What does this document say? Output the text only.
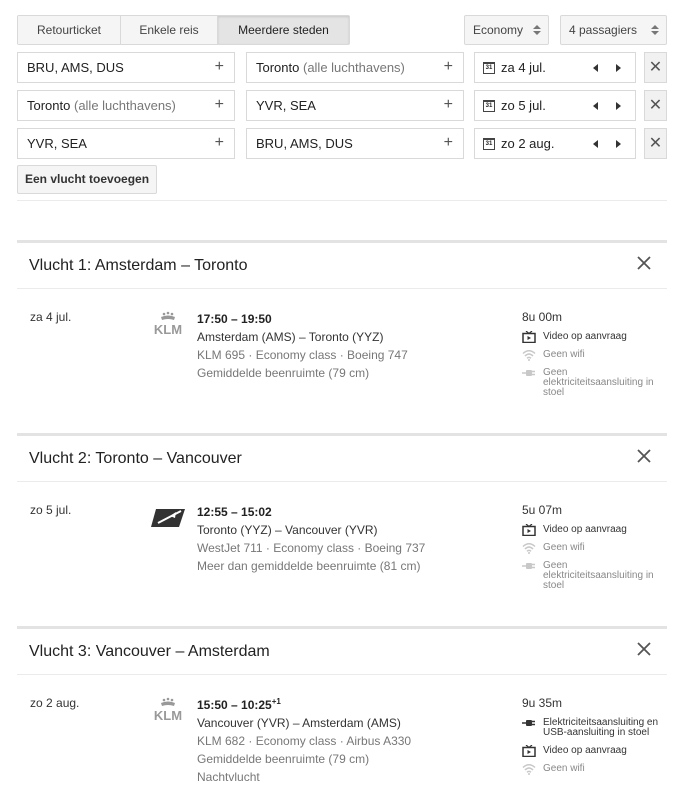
Retourticket	Enkele reis	Meerdere steden	Economy	4 passagiers
BRU, AMS, DUS	+	Toronto (alle luchthavens) +	31 za 4 jul.	✕
Toronto (alle luchthavens) +	YVR, SEA	+	31 zo 5 jul.	✕
YVR, SEA	+	BRU, AMS, DUS	+	31 zo 2 aug.	✕
Een vlucht toevoegen
Vlucht 1: Amsterdam – Toronto
za 4 jul.
KLM
17:50 – 19:50
Amsterdam (AMS) – Toronto (YYZ)
KLM 695 · Economy class · Boeing 747
Gemiddelde beenruimte (79 cm)
8u 00m
Video op aanvraag
Geen wifi
Geen elektriciteitsaansluiting in stoel
Vlucht 2: Toronto – Vancouver
zo 5 jul.	12:55 – 15:02
Toronto (YYZ) – Vancouver (YVR)
WestJet 711 · Economy class · Boeing 737
Meer dan gemiddelde beenruimte (81 cm)
5u 07m
Video op aanvraag
Geen wifi
Geen elektriciteitsaansluiting in stoel
Vlucht 3: Vancouver – Amsterdam
zo 2 aug.
KLM
15:50 – $10:25^{+1}$
Vancouver (YVR) – Amsterdam (AMS)
KLM 682 · Economy class · Airbus A330
Gemiddelde beenruimte (79 cm)
Nachtvlucht
9u 35m
Elektriciteitsaansluiting en USB-aansluiting in stoel
Video op aanvraag
Geen wifi
